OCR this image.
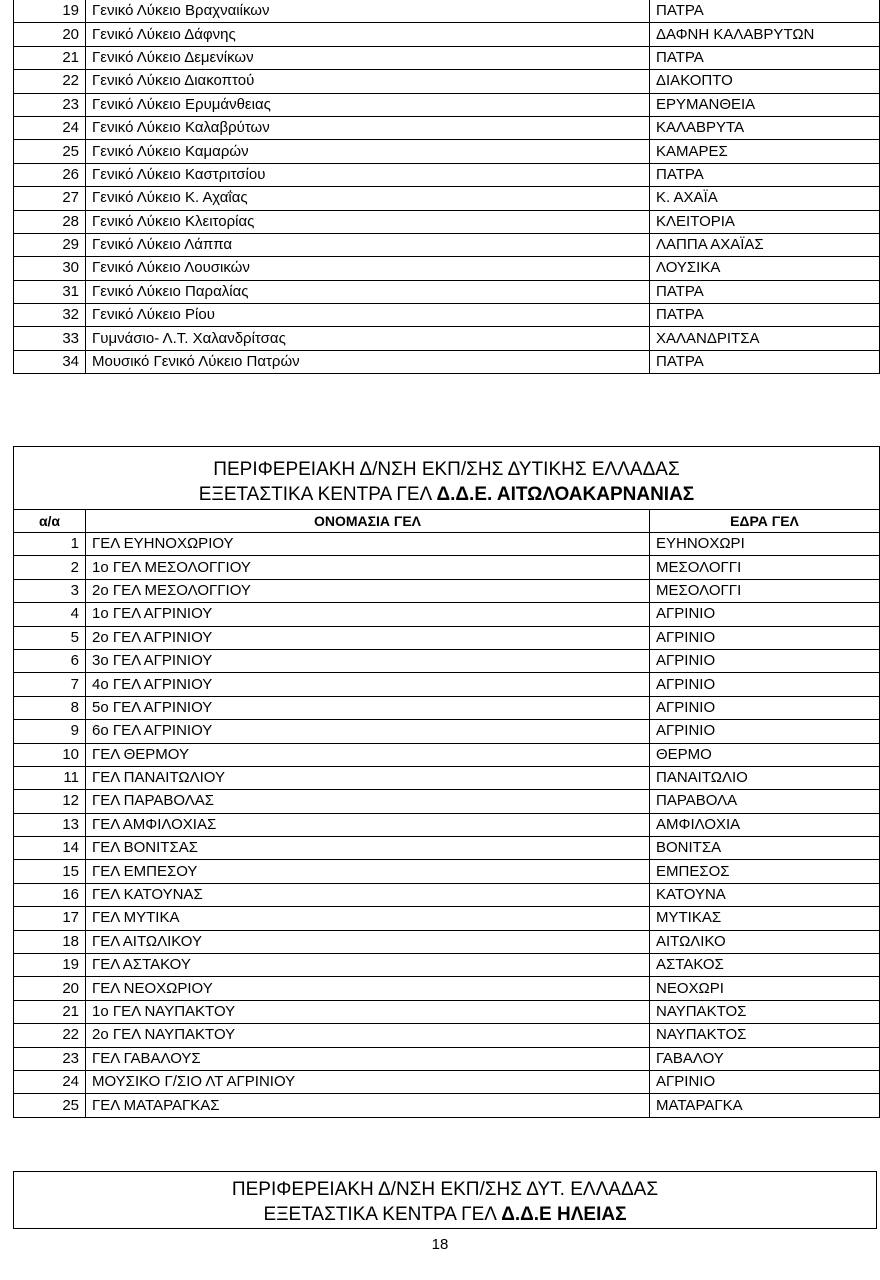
19	Γενικό Λύκειο Βραχναιίκων	ΠΑΤΡΑ
20	Γενικό Λύκειο Δάφνης	ΔΑΦΝΗ ΚΑΛΑΒΡΥΤΩΝ
21	Γενικό Λύκειο Δεμενίκων	ΠΑΤΡΑ
22	Γενικό Λύκειο Διακοπτού	ΔΙΑΚΟΠΤΟ
23	Γενικό Λύκειο Ερυμάνθειας	ΕΡΥΜΑΝΘΕΙΑ
24	Γενικό Λύκειο Καλαβρύτων	ΚΑΛΑΒΡΥΤΑ
25	Γενικό Λύκειο Καμαρών	ΚΑΜΑΡΕΣ
26	Γενικό Λύκειο Καστριτσίου	ΠΑΤΡΑ
27	Γενικό Λύκειο Κ. Αχαΐας	Κ. ΑΧΑΪΑ
28	Γενικό Λύκειο Κλειτορίας	ΚΛΕΙΤΟΡΙΑ
29	Γενικό Λύκειο Λάππα	ΛΑΠΠΑ ΑΧΑΪΑΣ
30	Γενικό Λύκειο Λουσικών	ΛΟΥΣΙΚΑ
31	Γενικό Λύκειο Παραλίας	ΠΑΤΡΑ
32	Γενικό Λύκειο Ρίου	ΠΑΤΡΑ
33	Γυμνάσιο- Λ.Τ. Χαλανδρίτσας	ΧΑΛΑΝΔΡΙΤΣΑ
34	Μουσικό Γενικό Λύκειο Πατρών	ΠΑΤΡΑ
ΠΕΡΙΦΕΡΕΙΑΚΗ Δ/ΝΣΗ ΕΚΠ/ΣΗΣ ΔΥΤΙΚΗΣ ΕΛΛΑΔΑΣ

ΕΞΕΤΑΣΤΙΚΑ ΚΕΝΤΡΑ ΓΕΛ Δ.Δ.Ε. ΑΙΤΩΛΟΑΚΑΡΝΑΝΙΑΣ		

α/α	ΟΝΟΜΑΣΙΑ ΓΕΛ	ΕΔΡΑ ΓΕΛ
1	ΓΕΛ ΕΥΗΝΟΧΩΡΙΟΥ	ΕΥΗΝΟΧΩΡΙ
2	1ο ΓΕΛ ΜΕΣΟΛΟΓΓΙΟΥ	ΜΕΣΟΛΟΓΓΙ
3	2ο ΓΕΛ ΜΕΣΟΛΟΓΓΙΟΥ	ΜΕΣΟΛΟΓΓΙ
4	1ο ΓΕΛ ΑΓΡΙΝΙΟΥ	ΑΓΡΙΝΙΟ
5	2ο ΓΕΛ ΑΓΡΙΝΙΟΥ	ΑΓΡΙΝΙΟ
6	3ο ΓΕΛ ΑΓΡΙΝΙΟΥ	ΑΓΡΙΝΙΟ
7	4ο ΓΕΛ ΑΓΡΙΝΙΟΥ	ΑΓΡΙΝΙΟ
8	5ο ΓΕΛ ΑΓΡΙΝΙΟΥ	ΑΓΡΙΝΙΟ
9	6ο ΓΕΛ ΑΓΡΙΝΙΟΥ	ΑΓΡΙΝΙΟ
10	ΓΕΛ ΘΕΡΜΟΥ	ΘΕΡΜΟ
11	ΓΕΛ ΠΑΝΑΙΤΩΛΙΟΥ	ΠΑΝΑΙΤΩΛΙΟ
12	ΓΕΛ ΠΑΡΑΒΟΛΑΣ	ΠΑΡΑΒΟΛΑ
13	ΓΕΛ ΑΜΦΙΛΟΧΙΑΣ	ΑΜΦΙΛΟΧΙΑ
14	ΓΕΛ ΒΟΝΙΤΣΑΣ	ΒΟΝΙΤΣΑ
15	ΓΕΛ ΕΜΠΕΣΟΥ	ΕΜΠΕΣΟΣ
16	ΓΕΛ ΚΑΤΟΥΝΑΣ	ΚΑΤΟΥΝΑ
17	ΓΕΛ ΜΥΤΙΚΑ	ΜΥΤΙΚΑΣ
18	ΓΕΛ ΑΙΤΩΛΙΚΟΥ	ΑΙΤΩΛΙΚΟ
19	ΓΕΛ ΑΣΤΑΚΟΥ	ΑΣΤΑΚΟΣ
20	ΓΕΛ ΝΕΟΧΩΡΙΟΥ	ΝΕΟΧΩΡΙ
21	1ο ΓΕΛ ΝΑΥΠΑΚΤΟΥ	ΝΑΥΠΑΚΤΟΣ
22	2ο ΓΕΛ ΝΑΥΠΑΚΤΟΥ	ΝΑΥΠΑΚΤΟΣ
23	ΓΕΛ ΓΑΒΑΛΟΥΣ	ΓΑΒΑΛΟΥ
24	ΜΟΥΣΙΚΟ Γ/ΣΙΟ ΛΤ ΑΓΡΙΝΙΟΥ	ΑΓΡΙΝΙΟ
25	ΓΕΛ ΜΑΤΑΡΑΓΚΑΣ	ΜΑΤΑΡΑΓΚΑ
ΠΕΡΙΦΕΡΕΙΑΚΗ Δ/ΝΣΗ ΕΚΠ/ΣΗΣ ΔΥΤ. ΕΛΛΑΔΑΣ
ΕΞΕΤΑΣΤΙΚΑ ΚΕΝΤΡΑ ΓΕΛ Δ.Δ.Ε ΗΛΕΙΑΣ
18
